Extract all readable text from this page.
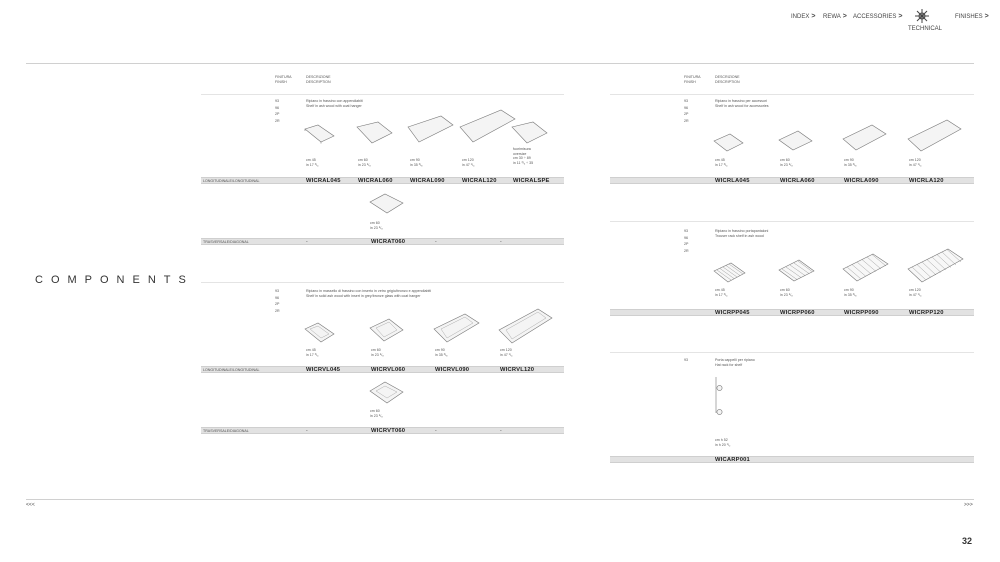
INDEX > REWA > ACCESSORIES >
TECHNICAL
FINISHES >
COMPONENTS
<<<	>>>
32
FINITURA
FINISH
DESCRIZIONE
DESCRIPTION
93
96
2P
2R
Ripiano in frassino con appendiabiti
Shelf in ash wood with coat hanger
cm 45
in 17 ³/₄
cm 60
in 23 ⁵/₈
cm 90
in 35 ³/₈
cm 120
in 47 ¹/₄
fuorimisura
oversize
cm 30 ÷ 89
in 11 ³/₄ ÷ 35
LONGITUDINALE/LONGITUDINAL	WICRAL045	WICRAL060	WICRAL090	WICRAL120	WICRALSPE
cm 60
in 23 ⁵/₈
TRASVERSALE/DIAGONAL	-	WICRAT060	-	-
93
96
2P
2R
Ripiano in massello di frassino con inserto in vetro grigio/bronzo e appendiabiti
Shelf in solid ash wood with insert in grey/bronze glass with coat hanger
cm 45
in 17 ³/₄
cm 60
in 23 ⁵/₈
cm 90
in 35 ³/₈
cm 120
in 47 ¹/₄
LONGITUDINALE/LONGITUDINAL	WICRVL045	WICRVL060	WICRVL090	WICRVL120
cm 60
in 23 ⁵/₈
TRASVERSALE/DIAGONAL	-	WICRVT060	-	-
FINITURA
FINISH
DESCRIZIONE
DESCRIPTION
93
96
2P
2R
Ripiano in frassino per accessori
Shelf in ash wood for accessories
cm 45
in 17 ³/₄
cm 60
in 23 ⁵/₈
cm 90
in 35 ³/₈
cm 120
in 47 ¹/₄
WICRLA045	WICRLA060	WICRLA090	WICRLA120
93
96
2P
2R
Ripiano in frassino portapantaloni
Trouser rack shelf in ash wood
cm 45
in 17 ³/₄
cm 60
in 23 ⁵/₈
cm 90
in 35 ³/₈
cm 120
in 47 ¹/₄
WICRPP045	WICRPP060	WICRPP090	WICRPP120
93	Porta cappelli per ripiano
Hat rack for shelf
cm h 52
in h 20 ¹/₂
WICARP001
